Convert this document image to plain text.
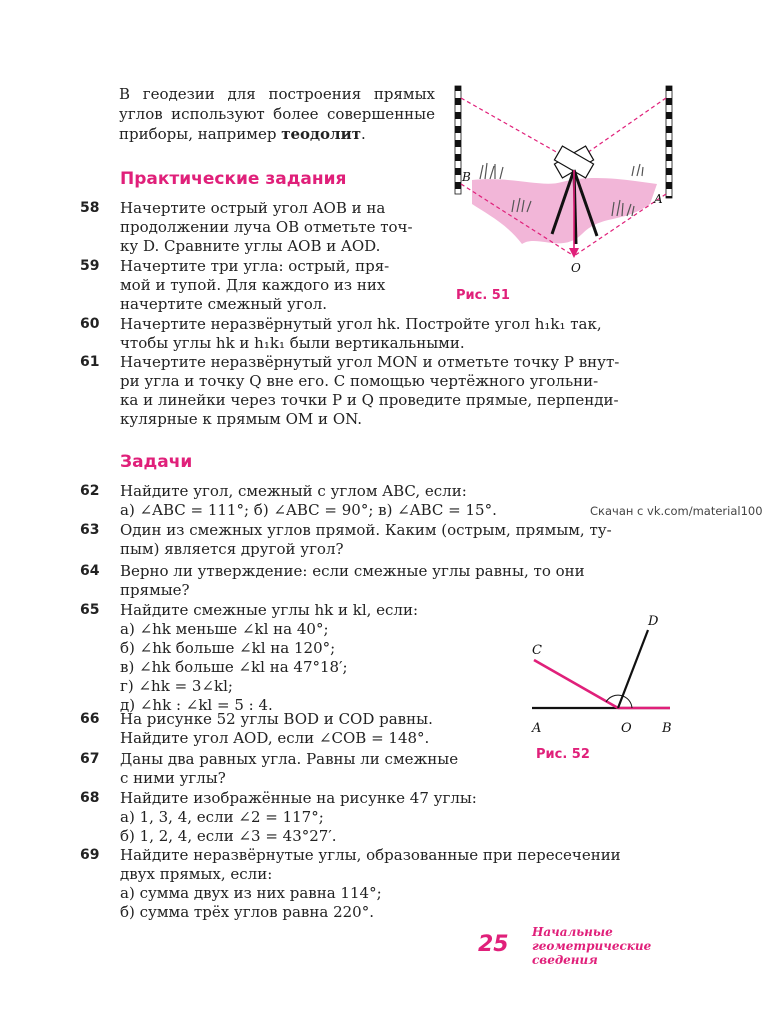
В геодезии для построения прямых углов используют более совершенные приборы, например теодолит.
B
A
O
Рис. 51
Практические задания
58	Начертите острый угол AOB и на
продолжении луча OB отметьте точ-
ку D. Сравните углы AOB и AOD.
59	Начертите три угла: острый, пря-
мой и тупой. Для каждого из них
начертите смежный угол.
60	Начертите неразвёрнутый угол hk. Постройте угол h₁k₁ так,
чтобы углы hk и h₁k₁ были вертикальными.
61	Начертите неразвёрнутый угол MON и отметьте точку P внут-
ри угла и точку Q вне его. С помощью чертёжного угольни-
ка и линейки через точки P и Q проведите прямые, перпенди-
кулярные к прямым OM и ON.
Задачи
62	Найдите угол, смежный с углом ABC, если:
а) ∠ABC = 111°; б) ∠ABC = 90°; в) ∠ABC = 15°.	Скачан с vk.com/material100
63	Один из смежных углов прямой. Каким (острым, прямым, ту-
пым) является другой угол?
64	Верно ли утверждение: если смежные углы равны, то они
прямые?
65	Найдите смежные углы hk и kl, если:
а) ∠hk меньше ∠kl на 40°;
б) ∠hk больше ∠kl на 120°;
в) ∠hk больше ∠kl на 47°18′;
г) ∠hk = 3∠kl;
д) ∠hk : ∠kl = 5 : 4.
66	На рисунке 52 углы BOD и COD равны.
Найдите угол AOD, если ∠COB = 148°.
67	Даны два равных угла. Равны ли смежные
с ними углы?
68	Найдите изображённые на рисунке 47 углы:
а) 1, 3, 4, если ∠2 = 117°;
б) 1, 2, 4, если ∠3 = 43°27′.
69	Найдите неразвёрнутые углы, образованные при пересечении
двух прямых, если:
а) сумма двух из них равна 114°;
б) сумма трёх углов равна 220°.
C
D
A	O B
Рис. 52
25 Начальные
геометрические
сведения
